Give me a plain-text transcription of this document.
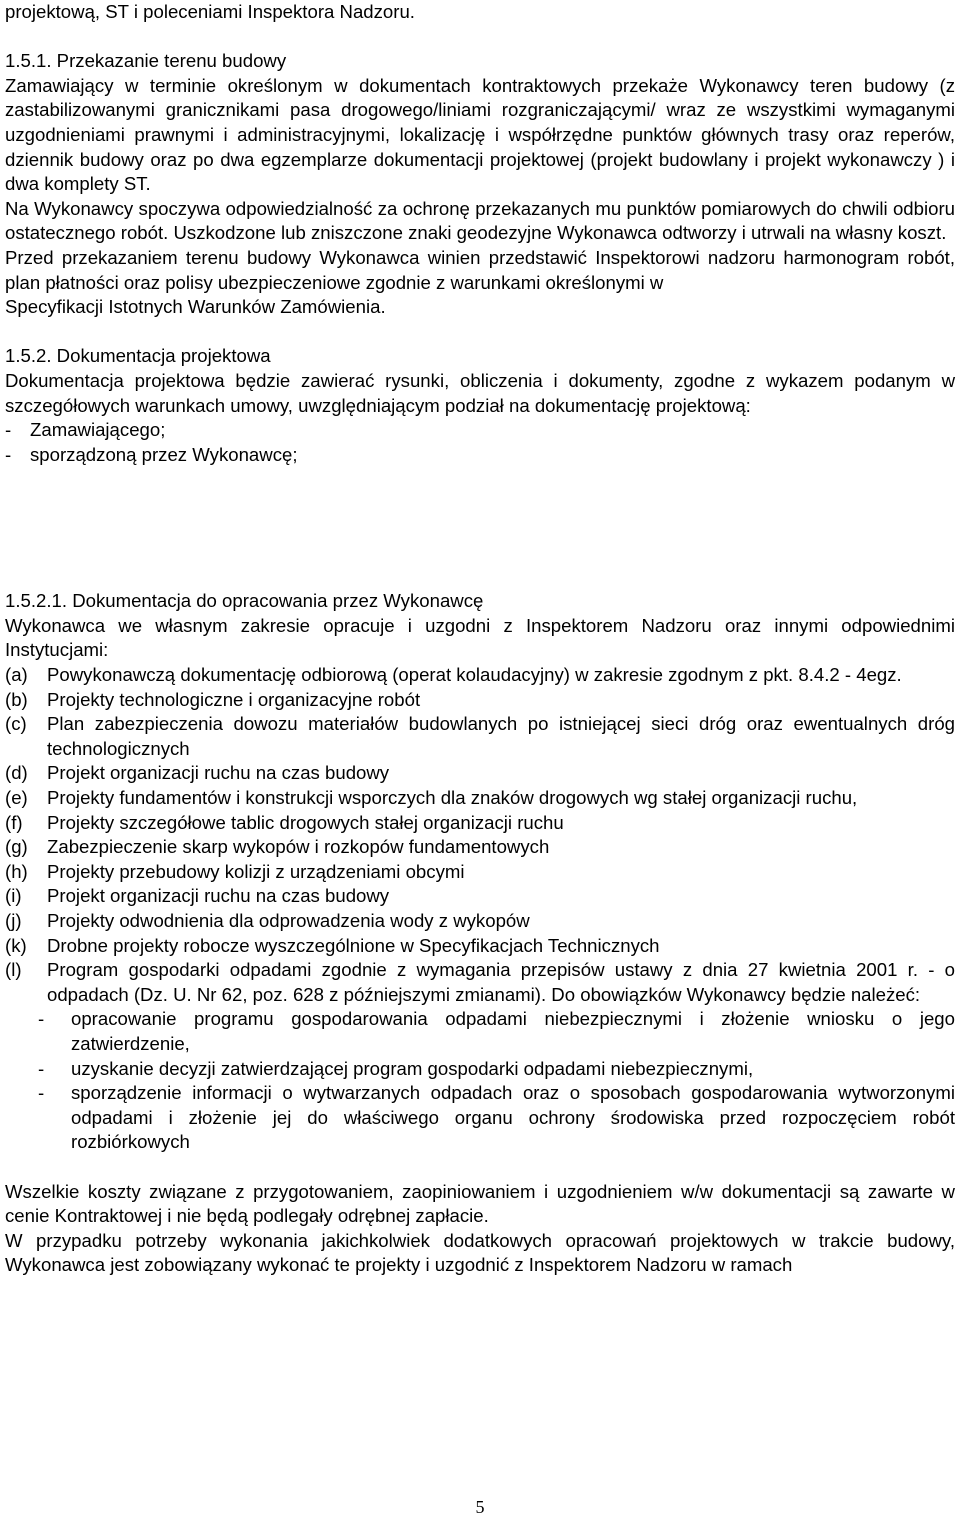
projektową, ST i poleceniami Inspektora Nadzoru.

1.5.1. Przekazanie terenu budowy

Zamawiający w terminie określonym w dokumentach kontraktowych przekaże Wykonawcy teren budowy (z zastabilizowanymi granicznikami pasa drogowego/liniami rozgraniczającymi/ wraz ze wszystkimi wymaganymi uzgodnieniami prawnymi i administracyjnymi, lokalizację i współrzędne punktów głównych trasy oraz reperów, dziennik budowy oraz po dwa egzemplarze dokumentacji projektowej (projekt budowlany i projekt wykonawczy ) i dwa komplety ST.

Na Wykonawcy spoczywa odpowiedzialność za ochronę przekazanych mu punktów pomiarowych do chwili odbioru ostatecznego robót. Uszkodzone lub zniszczone znaki geodezyjne Wykonawca odtworzy i utrwali na własny koszt.

Przed przekazaniem terenu budowy Wykonawca winien przedstawić Inspektorowi nadzoru harmonogram robót, plan płatności oraz polisy ubezpieczeniowe zgodnie z warunkami określonymi w

Specyfikacji Istotnych Warunków Zamówienia.

1.5.2. Dokumentacja projektowa

Dokumentacja projektowa będzie zawierać rysunki, obliczenia i dokumenty, zgodne z wykazem podanym w szczegółowych warunkach umowy, uwzględniającym podział na dokumentację projektową:

-	Zamawiającego;
-	sporządzoną przez Wykonawcę;

1.5.2.1. Dokumentacja do opracowania przez Wykonawcę

Wykonawca we własnym zakresie opracuje i uzgodni z Inspektorem Nadzoru oraz innymi odpowiednimi Instytucjami:

(a)	Powykonawczą dokumentację odbiorową (operat kolaudacyjny) w zakresie zgodnym z pkt. 8.4.2 - 4egz.
(b)	Projekty technologiczne i organizacyjne robót
(c)	Plan zabezpieczenia dowozu materiałów budowlanych po istniejącej sieci dróg oraz ewentualnych dróg technologicznych
(d)	Projekt organizacji ruchu na czas budowy
(e)	Projekty fundamentów i konstrukcji wsporczych dla znaków drogowych wg stałej organizacji ruchu,
(f)	Projekty szczegółowe tablic drogowych stałej organizacji ruchu
(g)	Zabezpieczenie skarp wykopów i rozkopów fundamentowych
(h)	Projekty przebudowy kolizji z urządzeniami obcymi
(i)	Projekt organizacji ruchu na czas budowy
(j)	Projekty odwodnienia dla odprowadzenia wody z wykopów
(k)	Drobne projekty robocze wyszczególnione w Specyfikacjach Technicznych
(l)	Program gospodarki odpadami zgodnie z wymagania przepisów ustawy z dnia 27 kwietnia 2001 r. - o odpadach (Dz. U. Nr 62, poz. 628 z późniejszymi zmianami). Do obowiązków Wykonawcy będzie należeć:
-	opracowanie programu gospodarowania odpadami niebezpiecznymi i złożenie wniosku o jego zatwierdzenie,
-	uzyskanie decyzji zatwierdzającej program gospodarki odpadami niebezpiecznymi,
-	sporządzenie informacji o wytwarzanych odpadach oraz o sposobach gospodarowania wytworzonymi odpadami i złożenie jej do właściwego organu ochrony środowiska przed rozpoczęciem robót rozbiórkowych

Wszelkie koszty związane z przygotowaniem, zaopiniowaniem i uzgodnieniem w/w dokumentacji są zawarte w cenie Kontraktowej i nie będą podlegały odrębnej zapłacie.

W przypadku potrzeby wykonania jakichkolwiek dodatkowych opracowań projektowych w trakcie budowy, Wykonawca jest zobowiązany wykonać te projekty i uzgodnić z Inspektorem Nadzoru w ramach

5
